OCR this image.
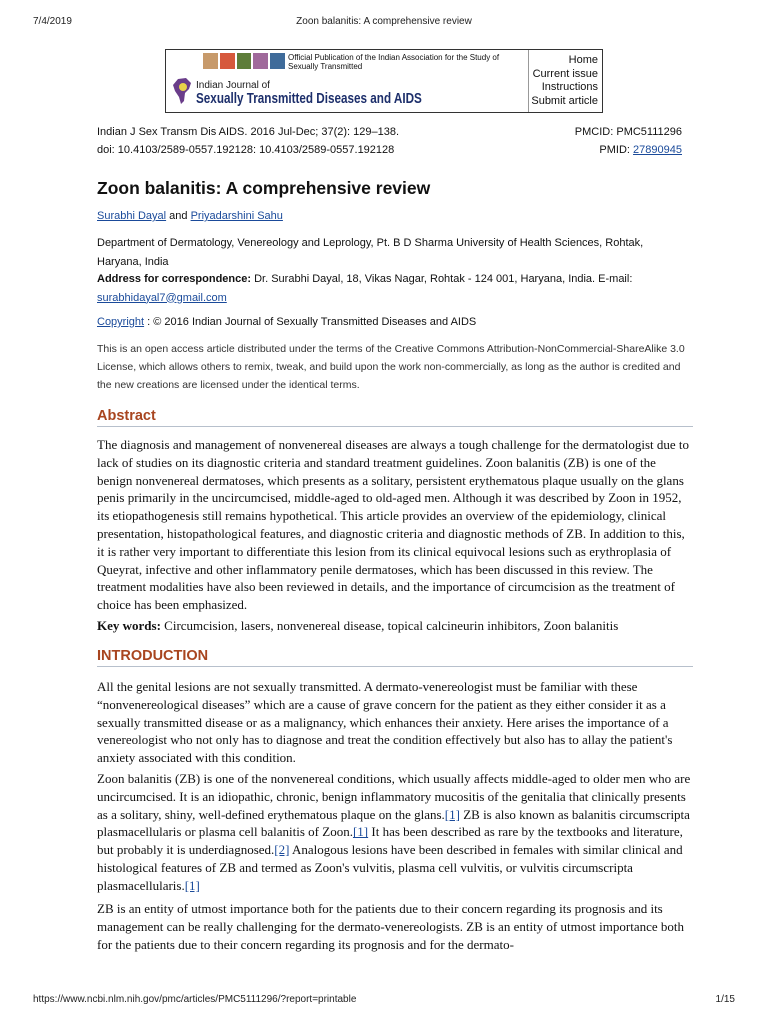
7/4/2019	Zoon balanitis: A comprehensive review
Official Publication of the Indian Association for the Study of Sexually Transmitted
Indian Journal of
Sexually Transmitted Diseases and AIDS
Home
Current issue
Instructions
Submit article
Indian J Sex Transm Dis AIDS. 2016 Jul-Dec; 37(2): 129–138.	PMCID: PMC5111296
doi: 10.4103/2589-0557.192128: 10.4103/2589-0557.192128	PMID: 27890945
Zoon balanitis: A comprehensive review
Surabhi Dayal and Priyadarshini Sahu
Department of Dermatology, Venereology and Leprology, Pt. B D Sharma University of Health Sciences, Rohtak, Haryana, India
Address for correspondence: Dr. Surabhi Dayal, 18, Vikas Nagar, Rohtak - 124 001, Haryana, India. E-mail:
surabhidayal7@gmail.com
Copyright : © 2016 Indian Journal of Sexually Transmitted Diseases and AIDS
This is an open access article distributed under the terms of the Creative Commons Attribution-NonCommercial-ShareAlike 3.0 License, which allows others to remix, tweak, and build upon the work non-commercially, as long as the author is credited and the new creations are licensed under the identical terms.
Abstract

The diagnosis and management of nonvenereal diseases are always a tough challenge for the dermatologist due to lack of studies on its diagnostic criteria and standard treatment guidelines. Zoon balanitis (ZB) is one of the benign nonvenereal dermatoses, which presents as a solitary, persistent erythematous plaque usually on the glans penis primarily in the uncircumcised, middle-aged to old-aged men. Although it was described by Zoon in 1952, its etiopathogenesis still remains hypothetical. This article provides an overview of the epidemiology, clinical presentation, histopathological features, and diagnostic criteria and diagnostic methods of ZB. In addition to this, it is rather very important to differentiate this lesion from its clinical equivocal lesions such as erythroplasia of Queyrat, infective and other inflammatory penile dermatoses, which has been discussed in this review. The treatment modalities have also been reviewed in details, and the importance of circumcision as the treatment of choice has been emphasized.

Key words: Circumcision, lasers, nonvenereal disease, topical calcineurin inhibitors, Zoon balanitis

INTRODUCTION

All the genital lesions are not sexually transmitted. A dermato-venereologist must be familiar with these “nonvenereological diseases” which are a cause of grave concern for the patient as they either consider it as a sexually transmitted disease or as a malignancy, which enhances their anxiety. Here arises the importance of a venereologist who not only has to diagnose and treat the condition effectively but also has to allay the patient's anxiety associated with this condition.

Zoon balanitis (ZB) is one of the nonvenereal conditions, which usually affects middle-aged to older men who are uncircumcised. It is an idiopathic, chronic, benign inflammatory mucositis of the genitalia that clinically presents as a solitary, shiny, well-defined erythematous plaque on the glans.[1] ZB is also known as balanitis circumscripta plasmacellularis or plasma cell balanitis of Zoon.[1] It has been described as rare by the textbooks and literature, but probably it is underdiagnosed.[2] Analogous lesions have been described in females with similar clinical and histological features of ZB and termed as Zoon's vulvitis, plasma cell vulvitis, or vulvitis circumscripta plasmacellularis.[1]

ZB is an entity of utmost importance both for the patients due to their concern regarding its prognosis and its management can be really challenging for the dermato-venereologists. ZB is an entity of utmost importance both for the patients due to their concern regarding its prognosis and for the dermato-

https://www.ncbi.nlm.nih.gov/pmc/articles/PMC5111296/?report=printable	1/15
